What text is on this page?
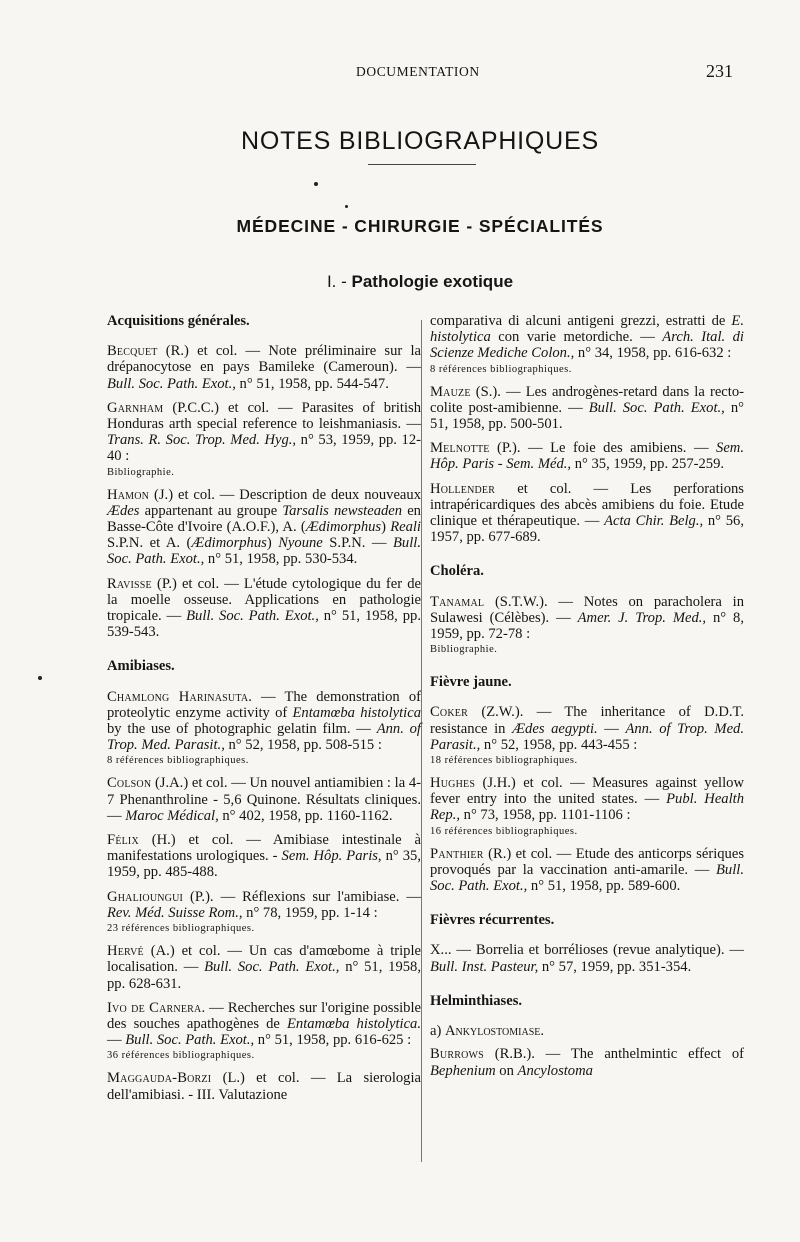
DOCUMENTATION	231
NOTES BIBLIOGRAPHIQUES
MÉDECINE - CHIRURGIE - SPÉCIALITÉS
I. - Pathologie exotique
Acquisitions générales.

Becquet (R.) et col. — Note préliminaire sur la drépanocytose en pays Bamileke (Cameroun). — Bull. Soc. Path. Exot., n° 51, 1958, pp. 544-547.

Garnham (P.C.C.) et col. — Parasites of british Honduras arth special reference to leishmaniasis. — Trans. R. Soc. Trop. Med. Hyg., n° 53, 1959, pp. 12-40 :
Bibliographie.

Hamon (J.) et col. — Description de deux nouveaux Ædes appartenant au groupe Tarsalis newsteaden en Basse-Côte d'Ivoire (A.O.F.), A. (Ædimorphus) Reali S.P.N. et A. (Ædimorphus) Nyoune S.P.N. — Bull. Soc. Path. Exot., n° 51, 1958, pp. 530-534.

Ravisse (P.) et col. — L'étude cytologique du fer de la moelle osseuse. Applications en pathologie tropicale. — Bull. Soc. Path. Exot., n° 51, 1958, pp. 539-543.

Amibiases.

Chamlong Harinasuta. — The demonstration of proteolytic enzyme activity of Entamœba histolytica by the use of photographic gelatin film. — Ann. of Trop. Med. Parasit., n° 52, 1958, pp. 508-515 :
8 références bibliographiques.

Colson (J.A.) et col. — Un nouvel antiamibien : la 4-7 Phenanthroline - 5,6 Quinone. Résultats cliniques. — Maroc Médical, n° 402, 1958, pp. 1160-1162.

Félix (H.) et col. — Amibiase intestinale à manifestations urologiques. - Sem. Hôp. Paris, n° 35, 1959, pp. 485-488.

Ghalioungui (P.). — Réflexions sur l'amibiase. — Rev. Méd. Suisse Rom., n° 78, 1959, pp. 1-14 :
23 références bibliographiques.

Hervé (A.) et col. — Un cas d'amœbome à triple localisation. — Bull. Soc. Path. Exot., n° 51, 1958, pp. 628-631.

Ivo de Carnera. — Recherches sur l'origine possible des souches apathogènes de Entamœba histolytica. — Bull. Soc. Path. Exot., n° 51, 1958, pp. 616-625 :
36 références bibliographiques.

Maggauda-Borzi (L.) et col. — La sierologia dell'amibiasi. - III. Valutazione

comparativa di alcuni antigeni grezzi, estratti de E. histolytica con varie metordiche. — Arch. Ital. di Scienze Mediche Colon., n° 34, 1958, pp. 616-632 :
8 références bibliographiques.

Mauze (S.). — Les androgènes-retard dans la recto-colite post-amibienne. — Bull. Soc. Path. Exot., n° 51, 1958, pp. 500-501.

Melnotte (P.). — Le foie des amibiens. — Sem. Hôp. Paris - Sem. Méd., n° 35, 1959, pp. 257-259.

Hollender et col. — Les perforations intrapéricardiques des abcès amibiens du foie. Etude clinique et thérapeutique. — Acta Chir. Belg., n° 56, 1957, pp. 677-689.

Choléra.

Tanamal (S.T.W.). — Notes on paracholera in Sulawesi (Célèbes). — Amer. J. Trop. Med., n° 8, 1959, pp. 72-78 :
Bibliographie.

Fièvre jaune.

Coker (Z.W.). — The inheritance of D.D.T. resistance in Ædes aegypti. — Ann. of Trop. Med. Parasit., n° 52, 1958, pp. 443-455 :
18 références bibliographiques.

Hughes (J.H.) et col. — Measures against yellow fever entry into the united states. — Publ. Health Rep., n° 73, 1958, pp. 1101-1106 :
16 références bibliographiques.

Panthier (R.) et col. — Etude des anticorps sériques provoqués par la vaccination anti-amarile. — Bull. Soc. Path. Exot., n° 51, 1958, pp. 589-600.

Fièvres récurrentes.

X... — Borrelia et borrélioses (revue analytique). — Bull. Inst. Pasteur, n° 57, 1959, pp. 351-354.

Helminthiases.

a) Ankylostomiase.

Burrows (R.B.). — The anthelmintic effect of Bephenium on Ancylostoma
